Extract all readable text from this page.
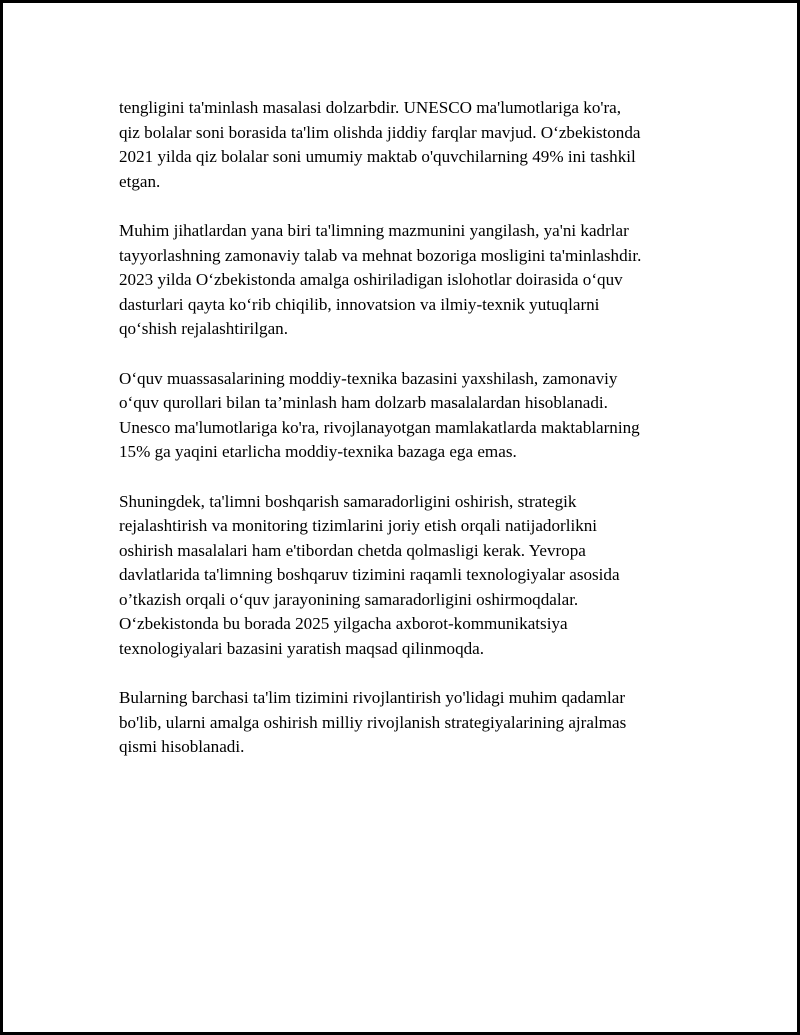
tengligini ta'minlash masalasi dolzarbdir. UNESCO ma'lumotlariga ko'ra,
qiz bolalar soni borasida ta'lim olishda jiddiy farqlar mavjud. O‘zbekistonda
2021 yilda qiz bolalar soni umumiy maktab o'quvchilarning 49% ini tashkil
etgan.
Muhim jihatlardan yana biri ta'limning mazmunini yangilash, ya'ni kadrlar
tayyorlashning zamonaviy talab va mehnat bozoriga mosligini ta'minlashdir.
2023 yilda O‘zbekistonda amalga oshiriladigan islohotlar doirasida o‘quv
dasturlari qayta ko‘rib chiqilib, innovatsion va ilmiy-texnik yutuqlarni
qo‘shish rejalashtirilgan.
O‘quv muassasalarining moddiy-texnika bazasini yaxshilash, zamonaviy
o‘quv qurollari bilan ta’minlash ham dolzarb masalalardan hisoblanadi.
Unesco ma'lumotlariga ko'ra, rivojlanayotgan mamlakatlarda maktablarning
15% ga yaqini etarlicha moddiy-texnika bazaga ega emas.
Shuningdek, ta'limni boshqarish samaradorligini oshirish, strategik
rejalashtirish va monitoring tizimlarini joriy etish orqali natijadorlikni
oshirish masalalari ham e'tibordan chetda qolmasligi kerak. Yevropa
davlatlarida ta'limning boshqaruv tizimini raqamli texnologiyalar asosida
o’tkazish orqali o‘quv jarayonining samaradorligini oshirmoqdalar.
O‘zbekistonda bu borada 2025 yilgacha axborot-kommunikatsiya
texnologiyalari bazasini yaratish maqsad qilinmoqda.
Bularning barchasi ta'lim tizimini rivojlantirish yo'lidagi muhim qadamlar
bo'lib, ularni amalga oshirish milliy rivojlanish strategiyalarining ajralmas
qismi hisoblanadi.
